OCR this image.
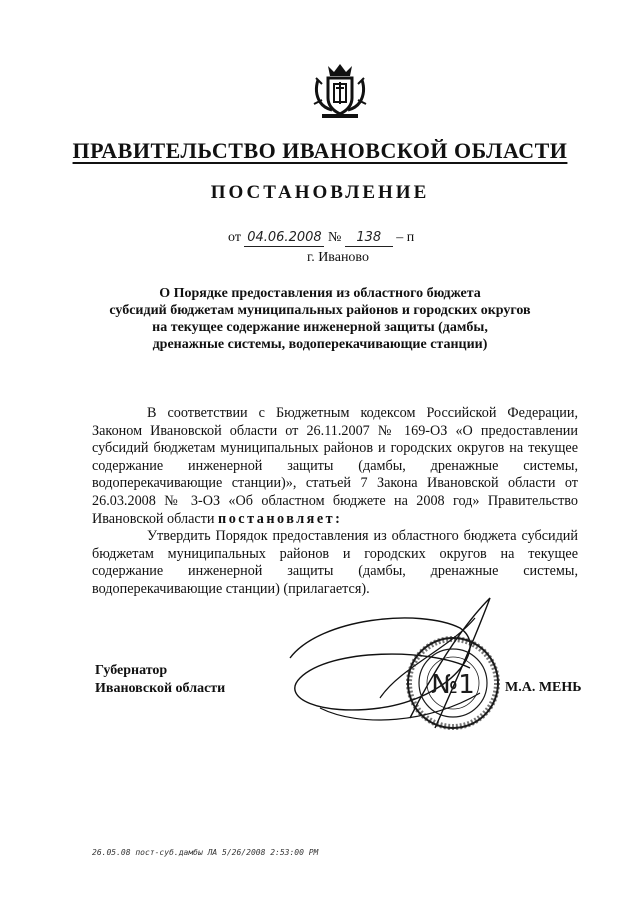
ПРАВИТЕЛЬСТВО ИВАНОВСКОЙ ОБЛАСТИ
ПОСТАНОВЛЕНИЕ
от 04.06.2008 № 138 – п
г. Иваново
О Порядке предоставления из областного бюджета
субсидий бюджетам муниципальных районов и городских округов
на текущее содержание инженерной защиты (дамбы,
дренажные системы, водоперекачивающие станции)

В соответствии с Бюджетным кодексом Российской Федерации, Законом Ивановской области от 26.11.2007 № 169-ОЗ «О предоставлении субсидий бюджетам муниципальных районов и городских округов на текущее содержание инженерной защиты (дамбы, дренажные системы, водоперекачивающие станции)», статьей 7 Закона Ивановской области от 26.03.2008 № 3-ОЗ «Об областном бюджете на 2008 год» Правительство Ивановской области постановляет:

Утвердить Порядок предоставления из областного бюджета субсидий бюджетам муниципальных районов и городских округов на текущее содержание инженерной защиты (дамбы, дренажные системы, водоперекачивающие станции) (прилагается).

№1
Губернатор
Ивановской области	М.А. МЕНЬ
26.05.08 пост-суб.дамбы ЛА 5/26/2008 2:53:00 PM
